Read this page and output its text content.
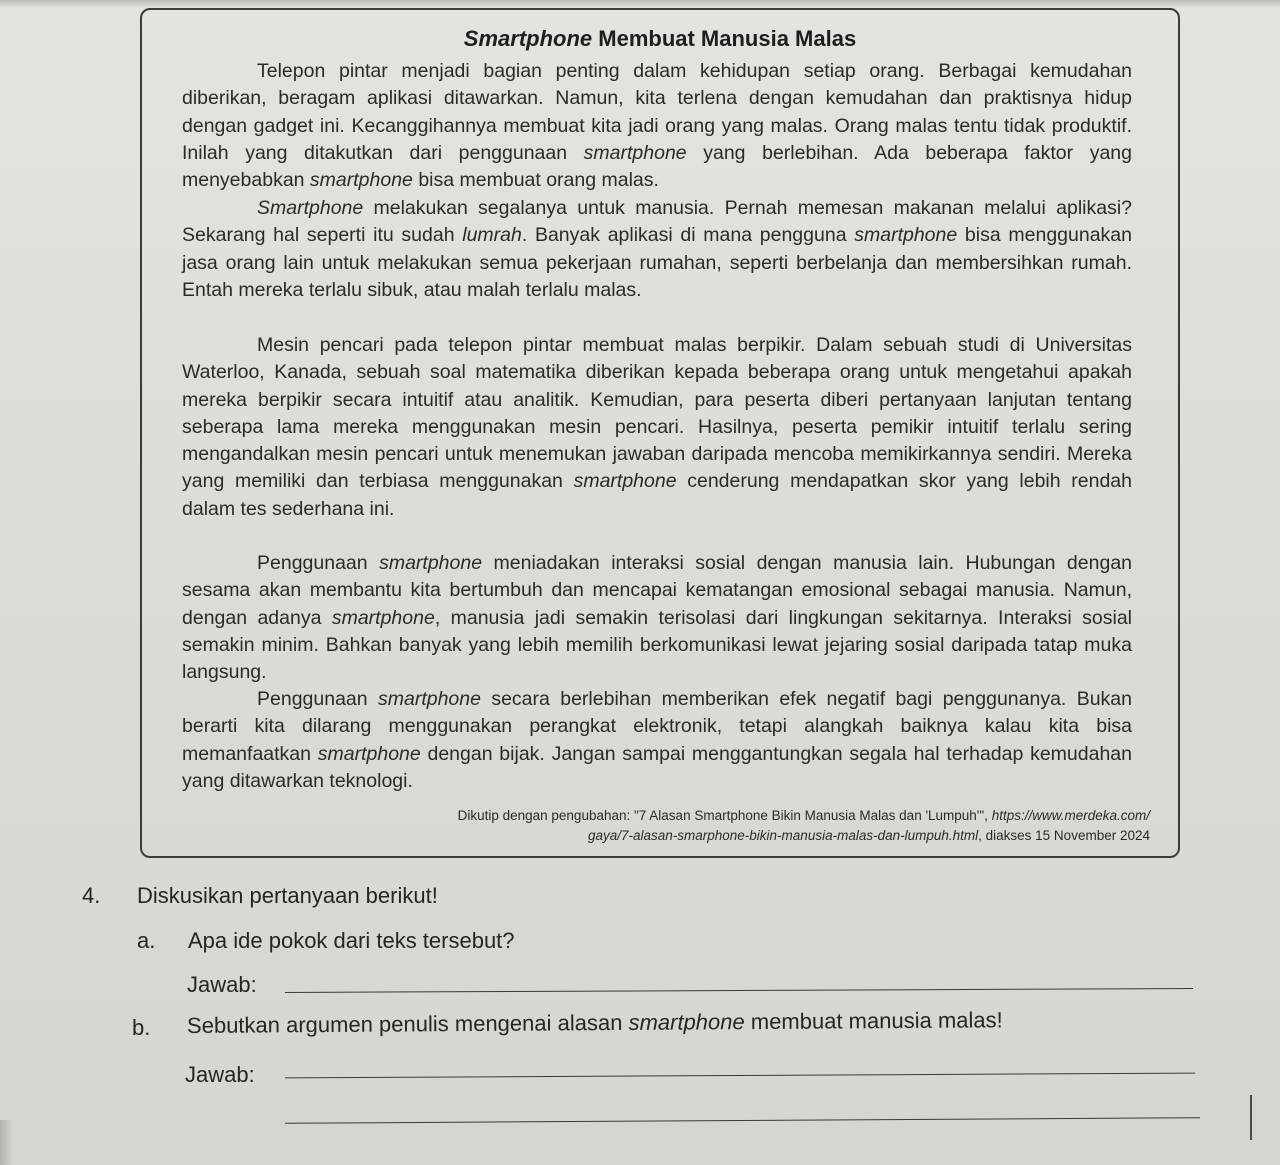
Smartphone Membuat Manusia Malas

Telepon pintar menjadi bagian penting dalam kehidupan setiap orang. Berbagai kemudahan diberikan, beragam aplikasi ditawarkan. Namun, kita terlena dengan kemudahan dan praktisnya hidup dengan gadget ini. Kecanggihannya membuat kita jadi orang yang malas. Orang malas tentu tidak produktif. Inilah yang ditakutkan dari penggunaan smartphone yang berlebihan. Ada beberapa faktor yang menyebabkan smartphone bisa membuat orang malas.

Smartphone melakukan segalanya untuk manusia. Pernah memesan makanan melalui aplikasi? Sekarang hal seperti itu sudah lumrah. Banyak aplikasi di mana pengguna smartphone bisa menggunakan jasa orang lain untuk melakukan semua pekerjaan rumahan, seperti berbelanja dan membersihkan rumah. Entah mereka terlalu sibuk, atau malah terlalu malas.

Mesin pencari pada telepon pintar membuat malas berpikir. Dalam sebuah studi di Universitas Waterloo, Kanada, sebuah soal matematika diberikan kepada beberapa orang untuk mengetahui apakah mereka berpikir secara intuitif atau analitik. Kemudian, para peserta diberi pertanyaan lanjutan tentang seberapa lama mereka menggunakan mesin pencari. Hasilnya, peserta pemikir intuitif terlalu sering mengandalkan mesin pencari untuk menemukan jawaban daripada mencoba memikirkannya sendiri. Mereka yang memiliki dan terbiasa menggunakan smartphone cenderung mendapatkan skor yang lebih rendah dalam tes sederhana ini.

Penggunaan smartphone meniadakan interaksi sosial dengan manusia lain. Hubungan dengan sesama akan membantu kita bertumbuh dan mencapai kematangan emosional sebagai manusia. Namun, dengan adanya smartphone, manusia jadi semakin terisolasi dari lingkungan sekitarnya. Interaksi sosial semakin minim. Bahkan banyak yang lebih memilih berkomunikasi lewat jejaring sosial daripada tatap muka langsung.

Penggunaan smartphone secara berlebihan memberikan efek negatif bagi penggunanya. Bukan berarti kita dilarang menggunakan perangkat elektronik, tetapi alangkah baiknya kalau kita bisa memanfaatkan smartphone dengan bijak. Jangan sampai menggantungkan segala hal terhadap kemudahan yang ditawarkan teknologi.

Dikutip dengan pengubahan: "7 Alasan Smartphone Bikin Manusia Malas dan 'Lumpuh'", https://www.merdeka.com/
gaya/7-alasan-smarphone-bikin-manusia-malas-dan-lumpuh.html, diakses 15 November 2024
4. Diskusikan pertanyaan berikut!
a. Apa ide pokok dari teks tersebut?
Jawab:
b. Sebutkan argumen penulis mengenai alasan smartphone membuat manusia malas!
Jawab:
